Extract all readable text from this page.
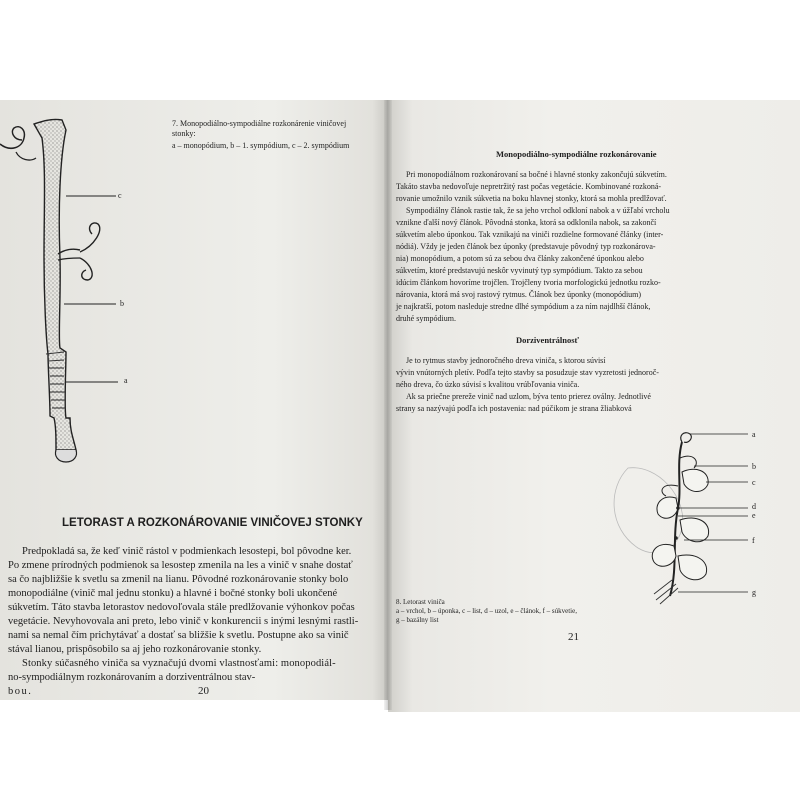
c
b
a
7. Monopodiálno-sympodiálne rozkonárenie viničovej
stonky:
a – monopódium, b – 1. sympódium, c – 2. sympódium
LETORAST A ROZKONÁROVANIE VINIČOVEJ STONKY
Predpokladá sa, že keď vinič rástol v podmienkach lesostepi, bol pôvodne ker.
Po zmene prírodných podmienok sa lesostep zmenila na les a vinič v snahe dostať
sa čo najbližšie k svetlu sa zmenil na lianu. Pôvodné rozkonárovanie stonky bolo
monopodiálne (vinič mal jednu stonku) a hlavné i bočné stonky boli ukončené
súkvetím. Táto stavba letorastov nedovoľovala stále predlžovanie výhonkov počas
vegetácie. Nevyhovovala ani preto, lebo vinič v konkurencii s inými lesnými rastli-
nami sa nemal čím prichytávať a dostať sa bližšie k svetlu. Postupne ako sa vinič
stával lianou, prispôsobilo sa aj jeho rozkonárovanie stonky.
Stonky súčasného viniča sa vyznačujú dvomi vlastnosťami: monopodiál-
no-sympodiálnym rozkonárovaním a dorziventrálnou stav-
bou.	20
Monopodiálno-sympodiálne rozkonárovanie
Pri monopodiálnom rozkonárovaní sa bočné i hlavné stonky zakončujú súkvetím.
Takáto stavba nedovoľuje nepretržitý rast počas vegetácie. Kombinované rozkoná-
rovanie umožnilo vznik súkvetia na boku hlavnej stonky, ktorá sa mohla predlžovať.
Sympodiálny článok rastie tak, že sa jeho vrchol odkloní nabok a v úžľabí vrcholu
vznikne ďalší nový článok. Pôvodná stonka, ktorá sa odklonila nabok, sa zakončí
súkvetím alebo úponkou. Tak vznikajú na viniči rozdielne formované články (inter-
nódiá). Vždy je jeden článok bez úponky (predstavuje pôvodný typ rozkonárova-
nia) monopódium, a potom sú za sebou dva články zakončené úponkou alebo
súkvetím, ktoré predstavujú neskôr vyvinutý typ sympódium. Takto za sebou
idúcim článkom hovoríme trojčlen. Trojčleny tvoria morfologickú jednotku rozko-
nárovania, ktorá má svoj rastový rytmus. Článok bez úponky (monopódium)
je najkratší, potom nasleduje stredne dlhé sympódium a za ním najdlhší článok,
druhé sympódium.
Dorziventrálnosť
Je to rytmus stavby jednoročného dreva viniča, s ktorou súvisí
vývin vnútorných pletív. Podľa tejto stavby sa posudzuje stav vyzretosti jednoroč-
ného dreva, čo úzko súvisí s kvalitou vrúbľovania viniča.
Ak sa priečne prereže vinič nad uzlom, býva tento prierez oválny. Jednotlivé
strany sa nazývajú podľa ich postavenia: nad púčikom je strana žliabková
a
b
c
d
e
f
g
8. Letorast viniča
a – vrchol, b – úponka, c – list, d – uzol, e – článok, f – súkvetie,
g – bazálny list
21
